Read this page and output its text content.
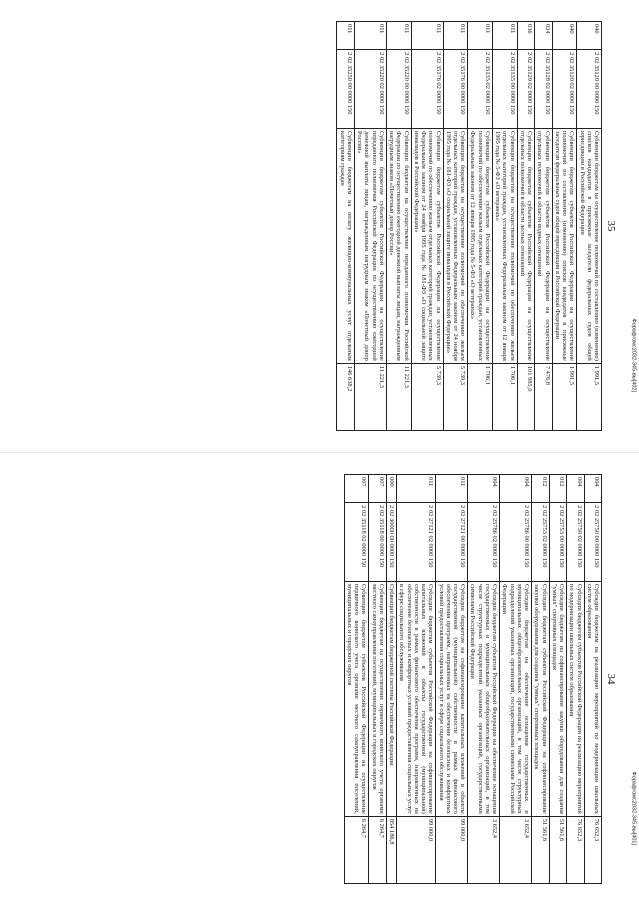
35
040	2 02 35120 00 0000 150	Субвенции бюджетам на осуществление полномочий по составлению (изменению) списков кандидатов в присяжные заседатели федеральных судов общей юрисдикции в Российской Федерации	1 991,5
040	2 02 35120 02 0000 150	Субвенции бюджетам субъектов Российской Федерации на осуществление полномочий по составлению (изменению) списков кандидатов в присяжные заседатели федеральных судов общей юрисдикции в Российской Федерации	1 991,5
024	2 02 35128 02 0000 150	Субвенции бюджетам субъектов Российской Федерации на осуществление отдельных полномочий в области водных отношений	7 476,8
036	2 02 35129 02 0000 150	Субвенции бюджетам субъектов Российской Федерации на осуществление отдельных полномочий в области лесных отношений	101 985,0
011	2 02 35135 00 0000 150	Субвенции бюджетам на осуществление полномочий по обеспечению жильем отдельных категорий граждан, установленных Федеральным законом от 12 января 1995 года № 5-ФЗ «О ветеранах»	1 706,1
011	2 02 35135 02 0000 150	Субвенции бюджетам субъектов Российской Федерации на осуществление полномочий по обеспечению жильем отдельных категорий граждан, установленных Федеральным законом от 12 января 1995 года № 5-ФЗ «О ветеранах»	1 706,1
011	2 02 35176 00 0000 150	Субвенции бюджетам на осуществление полномочий по обеспечению жильем отдельных категорий граждан, установленных Федеральным законом от 24 ноября 1995 года № 181-ФЗ «О социальной защите инвалидов в Российской Федерации»	5 739,3
011	2 02 35176 02 0000 150	Субвенции бюджетам субъектов Российской Федерации на осуществление полномочий по обеспечению жильем отдельных категорий граждан, установленных Федеральным законом от 24 ноября 1995 года № 181-ФЗ «О социальной защите инвалидов в Российской Федерации»	5 739,3
011	2 02 35220 00 0000 150	Субвенции бюджетам на осуществление переданного полномочия Российской Федерации по осуществлению ежегодной денежной выплаты лицам, награжденным нагрудным знаком «Почетный донор России»	11 221,3
011	2 02 35220 02 0000 150	Субвенции бюджетам субъектов Российской Федерации на осуществление переданного полномочия Российской Федерации по осуществлению ежегодной денежной выплаты лицам, награжденным нагрудным знаком «Почетный донор России»	11 221,3
011	2 02 35250 00 0000 150	Субвенции бюджетам на оплату жилищно-коммунальных услуг отдельным категориям граждан	146 638,2	Форафгомс2032-345-вы[402]
34
004	2 02 25750 00 0000 150	Субсидии бюджетам на реализацию мероприятий по модернизации школьных систем образования	76 652,3
004	2 02 25750 02 0000 150	Субсидии бюджетам субъектов Российской Федерации на реализацию мероприятий по модернизации школьных систем образования	76 652,3
012	2 02 25753 00 0000 150	Субсидии бюджетам на софинансирование закупки оборудования для создания "умных" спортивных площадок	51 561,6
012	2 02 25753 02 0000 150	Субсидии бюджетам субъектов Российской Федерации на софинансирование закупки оборудования для создания "умных" спортивных площадок	51 561,6
004	2 02 25786 00 0000 150	Субсидии бюджетам на обеспечение оснащения государственных и муниципальных общеобразовательных организаций, в том числе структурных подразделений указанных организаций, государственными символами Российской Федерации	3 652,4
004	2 02 25786 02 0000 150	Субсидии бюджетам субъектов Российской Федерации на обеспечение оснащения государственных и муниципальных общеобразовательных организаций, в том числе структурных подразделений указанных организаций, государственными символами Российской Федерации	3 652,4
011	2 02 27121 00 0000 150	Субсидии бюджетам на софинансирование капитальных вложений в объекты государственной (муниципальной) собственности в рамках финансового обеспечения программ, направленных на обеспечение безопасных и комфортных условий предоставления социальных услуг в сфере социального обслуживания	99 000,0
011	2 02 27121 02 0000 150	Субсидии бюджетам субъектов Российской Федерации на софинансирование капитальных вложений в объекты государственной (муниципальной) собственности в рамках финансового обеспечения программ, направленных на обеспечение безопасных и комфортных условий предоставления социальных услуг в сфере социального обслуживания	99 000,0
000	2 02 30000 00 0000 150	Субвенции бюджетам бюджетной системы Российской Федерации	854 186,8
007	2 02 35118 00 0000 150	Субвенции бюджетам на осуществление первичного воинского учета органами местного самоуправления поселений, муниципальных и городских округов	6 264,7
007	2 02 35118 02 0000 150	Субвенции бюджетам субъектов Российской Федерации на осуществление первичного воинского учета органами местного самоуправления поселений, муниципальных и городских округов	6 264,7	Форафгомс2032-345-вы[401]
